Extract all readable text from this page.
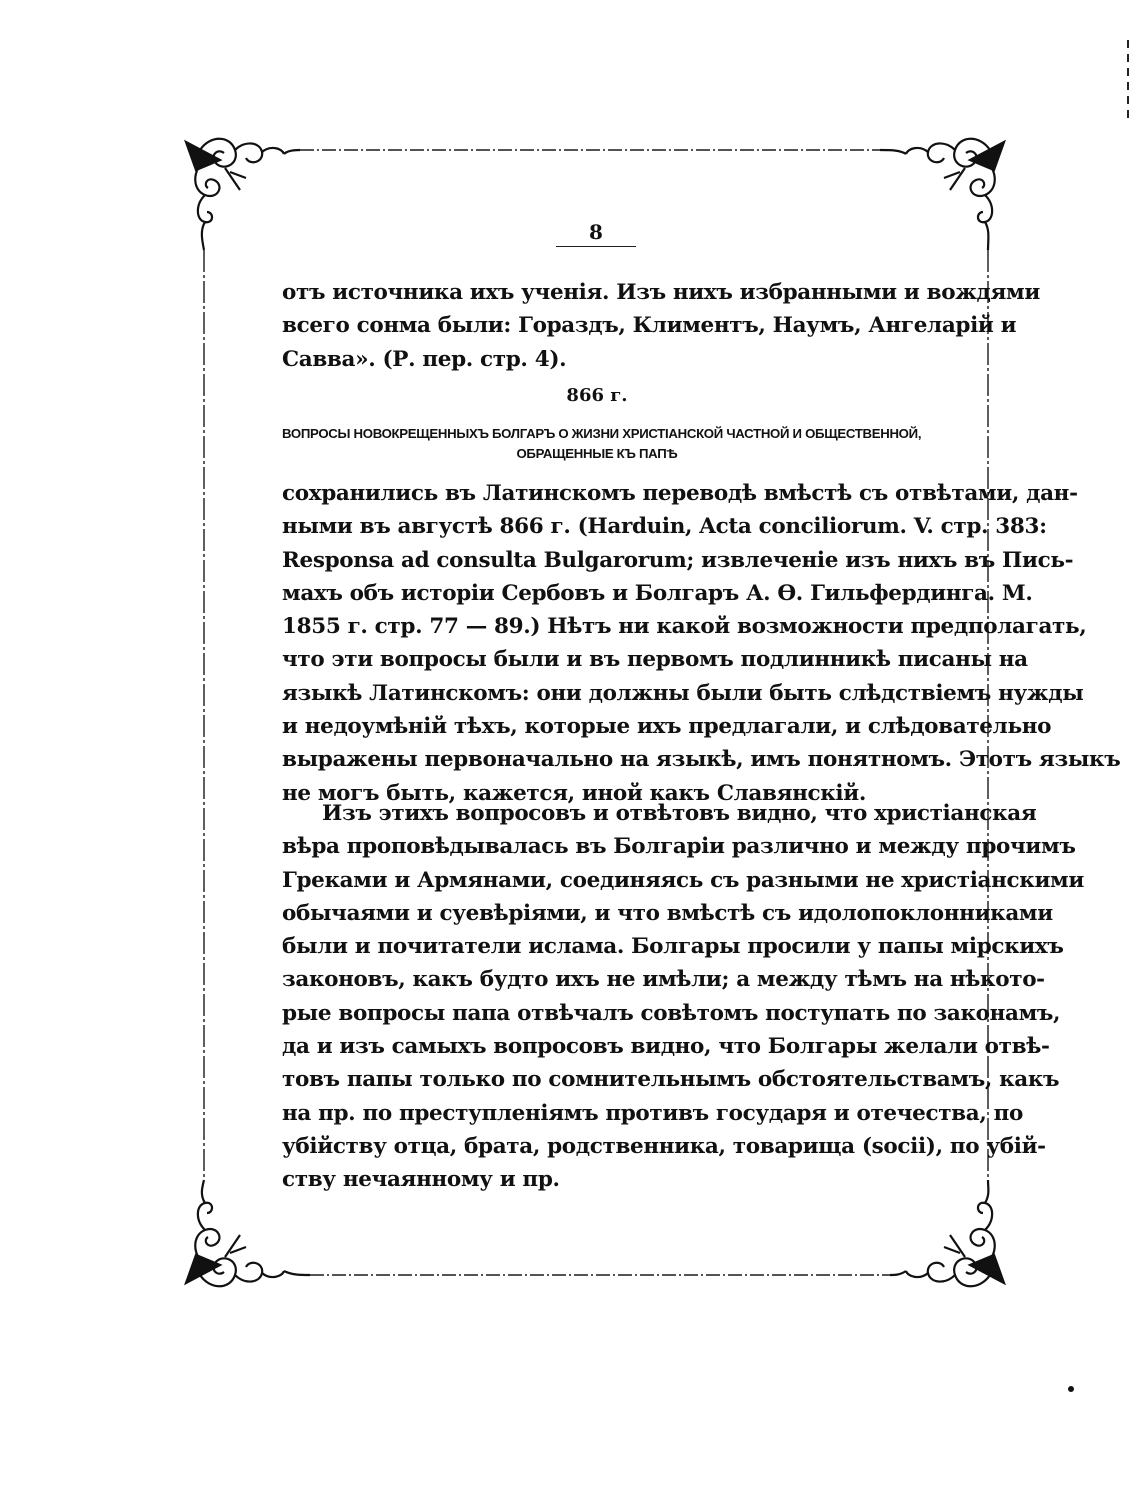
8
отъ источника ихъ ученія. Изъ нихъ избранными и вождями
всего сонма были: Гораздъ, Климентъ, Наумъ, Ангеларій и
Савва». (Р. пер. стр. 4).
866 г.
ВОПРОСЫ НОВОКРЕЩЕННЫХЪ БОЛГАРЪ О ЖИЗНИ ХРИСТІАНСКОЙ ЧАСТНОЙ И ОБЩЕСТВЕННОЙ,
ОБРАЩЕННЫЕ КЪ ПАПѢ
сохранились въ Латинскомъ переводѣ вмѣстѣ съ отвѣтами, дан-
ными въ августѣ 866 г. (Harduin, Acta conciliorum. V. стр. 383:
Responsa ad consulta Bulgarorum; извлеченіе изъ нихъ въ Пись-
махъ объ исторіи Сербовъ и Болгаръ А. Ѳ. Гильфердинга. М.
1855 г. стр. 77 — 89.) Нѣтъ ни какой возможности предполагать,
что эти вопросы были и въ первомъ подлинникѣ писаны на
языкѣ Латинскомъ: они должны были быть слѣдствіемъ нужды
и недоумѣній тѣхъ, которые ихъ предлагали, и слѣдовательно
выражены первоначально на языкѣ, имъ понятномъ. Этотъ языкъ
не могъ быть, кажется, иной какъ Славянскій.
Изъ этихъ вопросовъ и отвѣтовъ видно, что христіанская
вѣра проповѣдывалась въ Болгаріи различно и между прочимъ
Греками и Армянами, соединяясь съ разными не христіанскими
обычаями и суевѣріями, и что вмѣстѣ съ идолопоклонниками
были и почитатели ислама. Болгары просили у папы мірскихъ
законовъ, какъ будто ихъ не имѣли; а между тѣмъ на нѣкото-
рые вопросы папа отвѣчалъ совѣтомъ поступать по законамъ,
да и изъ самыхъ вопросовъ видно, что Болгары желали отвѣ-
товъ папы только по сомнительнымъ обстоятельствамъ, какъ
на пр. по преступленіямъ противъ государя и отечества, по
убійству отца, брата, родственника, товарища (socii), по убій-
ству нечаянному и пр.
